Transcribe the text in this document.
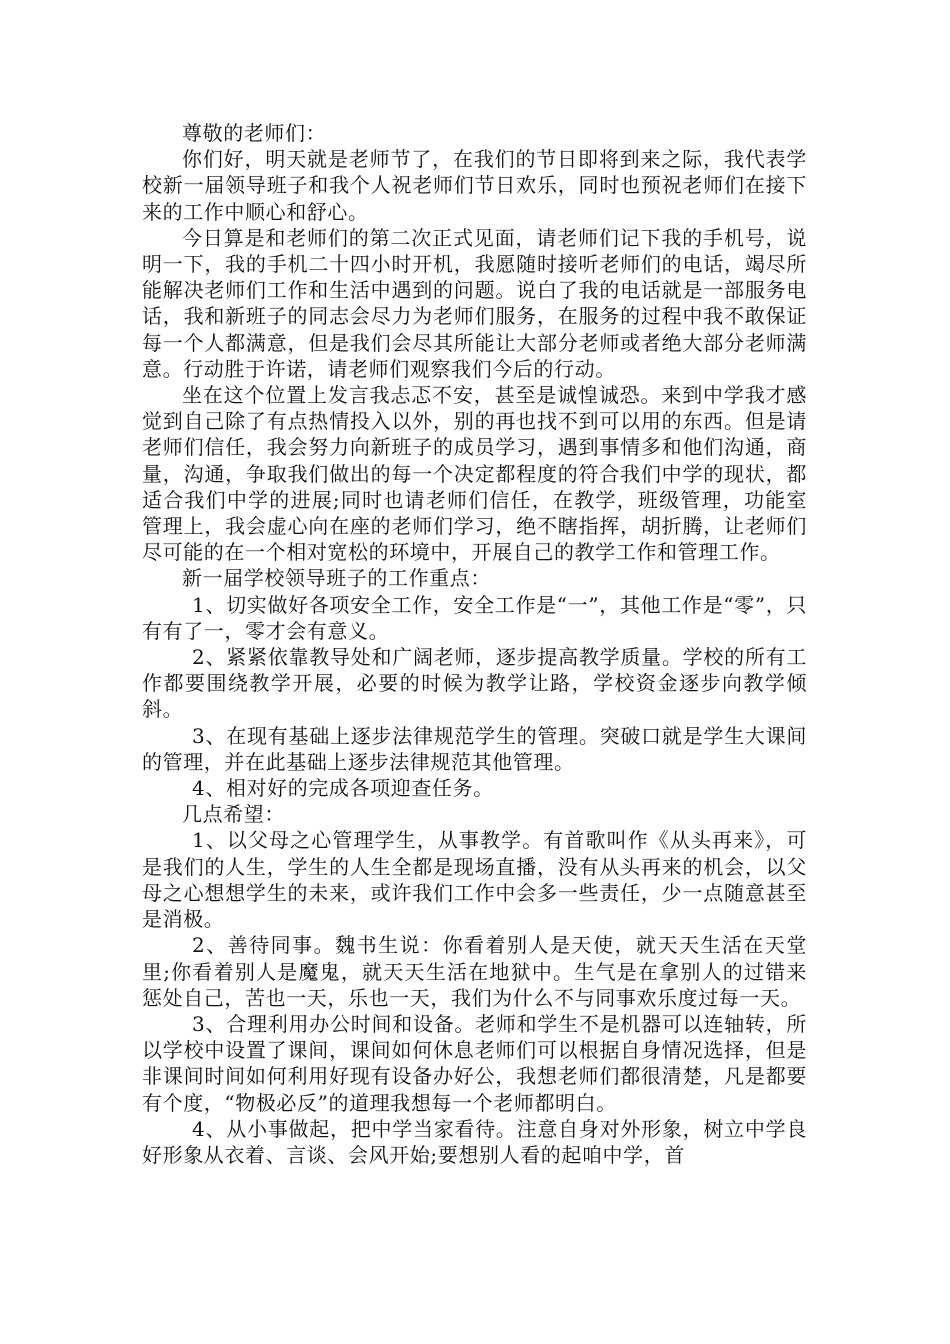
尊敬的老师们：

你们好，明天就是老师节了，在我们的节日即将到来之际，我代表学校新一届领导班子和我个人祝老师们节日欢乐，同时也预祝老师们在接下来的工作中顺心和舒心。

今日算是和老师们的第二次正式见面，请老师们记下我的手机号，说明一下，我的手机二十四小时开机，我愿随时接听老师们的电话，竭尽所能解决老师们工作和生活中遇到的问题。说白了我的电话就是一部服务电话，我和新班子的同志会尽力为老师们服务，在服务的过程中我不敢保证每一个人都满意，但是我们会尽其所能让大部分老师或者绝大部分老师满意。行动胜于许诺，请老师们观察我们今后的行动。

坐在这个位置上发言我忐忑不安，甚至是诚惶诚恐。来到中学我才感觉到自己除了有点热情投入以外，别的再也找不到可以用的东西。但是请老师们信任，我会努力向新班子的成员学习，遇到事情多和他们沟通，商量，沟通，争取我们做出的每一个决定都程度的符合我们中学的现状，都适合我们中学的进展;同时也请老师们信任，在教学，班级管理，功能室管理上，我会虚心向在座的老师们学习，绝不瞎指挥，胡折腾，让老师们尽可能的在一个相对宽松的环境中，开展自己的教学工作和管理工作。

新一届学校领导班子的工作重点：

1、切实做好各项安全工作，安全工作是“一”，其他工作是“零”，只有有了一，零才会有意义。

2、紧紧依靠教导处和广阔老师，逐步提高教学质量。学校的所有工作都要围绕教学开展，必要的时候为教学让路，学校资金逐步向教学倾斜。

3、在现有基础上逐步法律规范学生的管理。突破口就是学生大课间的管理，并在此基础上逐步法律规范其他管理。

4、相对好的完成各项迎查任务。

几点希望：

1、以父母之心管理学生，从事教学。有首歌叫作《从头再来》，可是我们的人生，学生的人生全都是现场直播，没有从头再来的机会，以父母之心想想学生的未来，或许我们工作中会多一些责任，少一点随意甚至是消极。

2、善待同事。魏书生说：你看着别人是天使，就天天生活在天堂里;你看着别人是魔鬼，就天天生活在地狱中。生气是在拿别人的过错来惩处自己，苦也一天，乐也一天，我们为什么不与同事欢乐度过每一天。

3、合理利用办公时间和设备。老师和学生不是机器可以连轴转，所以学校中设置了课间，课间如何休息老师们可以根据自身情况选择，但是非课间时间如何利用好现有设备办好公，我想老师们都很清楚，凡是都要有个度，“物极必反”的道理我想每一个老师都明白。

4、从小事做起，把中学当家看待。注意自身对外形象，树立中学良好形象从衣着、言谈、会风开始;要想别人看的起咱中学，首
